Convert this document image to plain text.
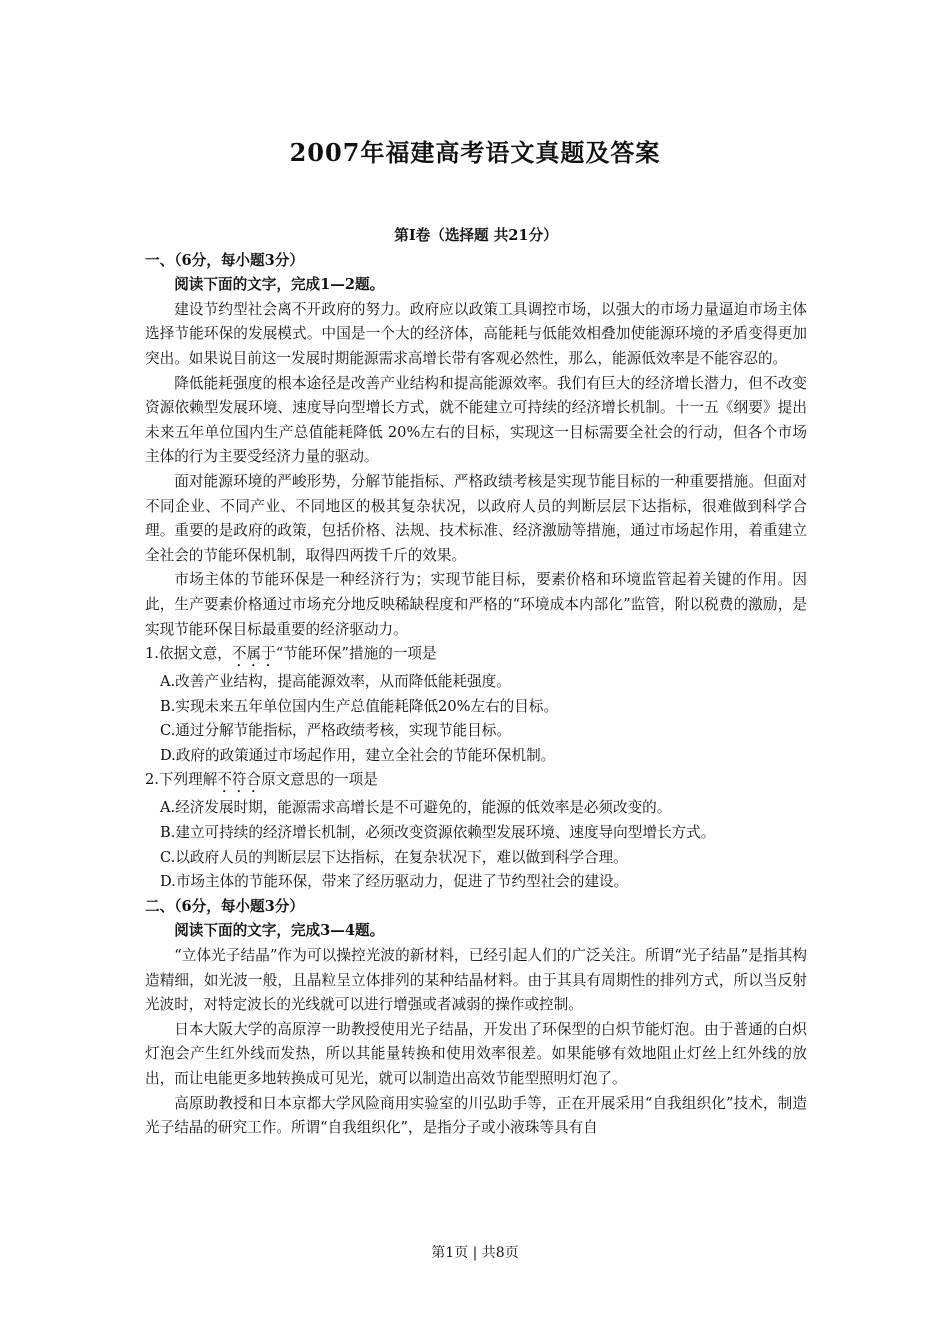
2007年福建高考语文真题及答案

第Ⅰ卷（选择题 共21分）

一、（6分，每小题3分）

阅读下面的文字，完成1—2题。

建设节约型社会离不开政府的努力。政府应以政策工具调控市场，以强大的市场力量逼迫市场主体选择节能环保的发展模式。中国是一个大的经济体，高能耗与低能效相叠加使能源环境的矛盾变得更加突出。如果说目前这一发展时期能源需求高增长带有客观必然性，那么，能源低效率是不能容忍的。

降低能耗强度的根本途径是改善产业结构和提高能源效率。我们有巨大的经济增长潜力，但不改变资源依赖型发展环境、速度导向型增长方式，就不能建立可持续的经济增长机制。十一五《纲要》提出未来五年单位国内生产总值能耗降低 20%左右的目标，实现这一目标需要全社会的行动，但各个市场主体的行为主要受经济力量的驱动。

面对能源环境的严峻形势，分解节能指标、严格政绩考核是实现节能目标的一种重要措施。但面对不同企业、不同产业、不同地区的极其复杂状况，以政府人员的判断层层下达指标，很难做到科学合理。重要的是政府的政策，包括价格、法规、技术标准、经济激励等措施，通过市场起作用，着重建立全社会的节能环保机制，取得四两拨千斤的效果。

市场主体的节能环保是一种经济行为；实现节能目标，要素价格和环境监管起着关键的作用。因此，生产要素价格通过市场充分地反映稀缺程度和严格的“环境成本内部化”监管，附以税费的激励，是实现节能环保目标最重要的经济驱动力。

1.依据文意，不属于“节能环保”措施的一项是

A.改善产业结构，提高能源效率，从而降低能耗强度。

B.实现未来五年单位国内生产总值能耗降低20%左右的目标。

C.通过分解节能指标，严格政绩考核，实现节能目标。

D.政府的政策通过市场起作用，建立全社会的节能环保机制。

2.下列理解不符合原文意思的一项是

A.经济发展时期，能源需求高增长是不可避免的，能源的低效率是必须改变的。

B.建立可持续的经济增长机制，必须改变资源依赖型发展环境、速度导向型增长方式。

C.以政府人员的判断层层下达指标，在复杂状况下，难以做到科学合理。

D.市场主体的节能环保，带来了经历驱动力，促进了节约型社会的建设。

二、（6分，每小题3分）

阅读下面的文字，完成3—4题。

“立体光子结晶”作为可以操控光波的新材料，已经引起人们的广泛关注。所谓“光子结晶”是指其构造精细，如光波一般，且晶粒呈立体排列的某种结晶材料。由于其具有周期性的排列方式，所以当反射光波时，对特定波长的光线就可以进行增强或者减弱的操作或控制。

日本大阪大学的高原淳一助教授使用光子结晶，开发出了环保型的白炽节能灯泡。由于普通的白炽灯泡会产生红外线而发热，所以其能量转换和使用效率很差。如果能够有效地阻止灯丝上红外线的放出，而让电能更多地转换成可见光，就可以制造出高效节能型照明灯泡了。

高原助教授和日本京都大学风险商用实验室的川弘助手等，正在开展采用“自我组织化”技术，制造光子结晶的研究工作。所谓“自我组织化”，是指分子或小液珠等具有自

第1页 | 共8页
